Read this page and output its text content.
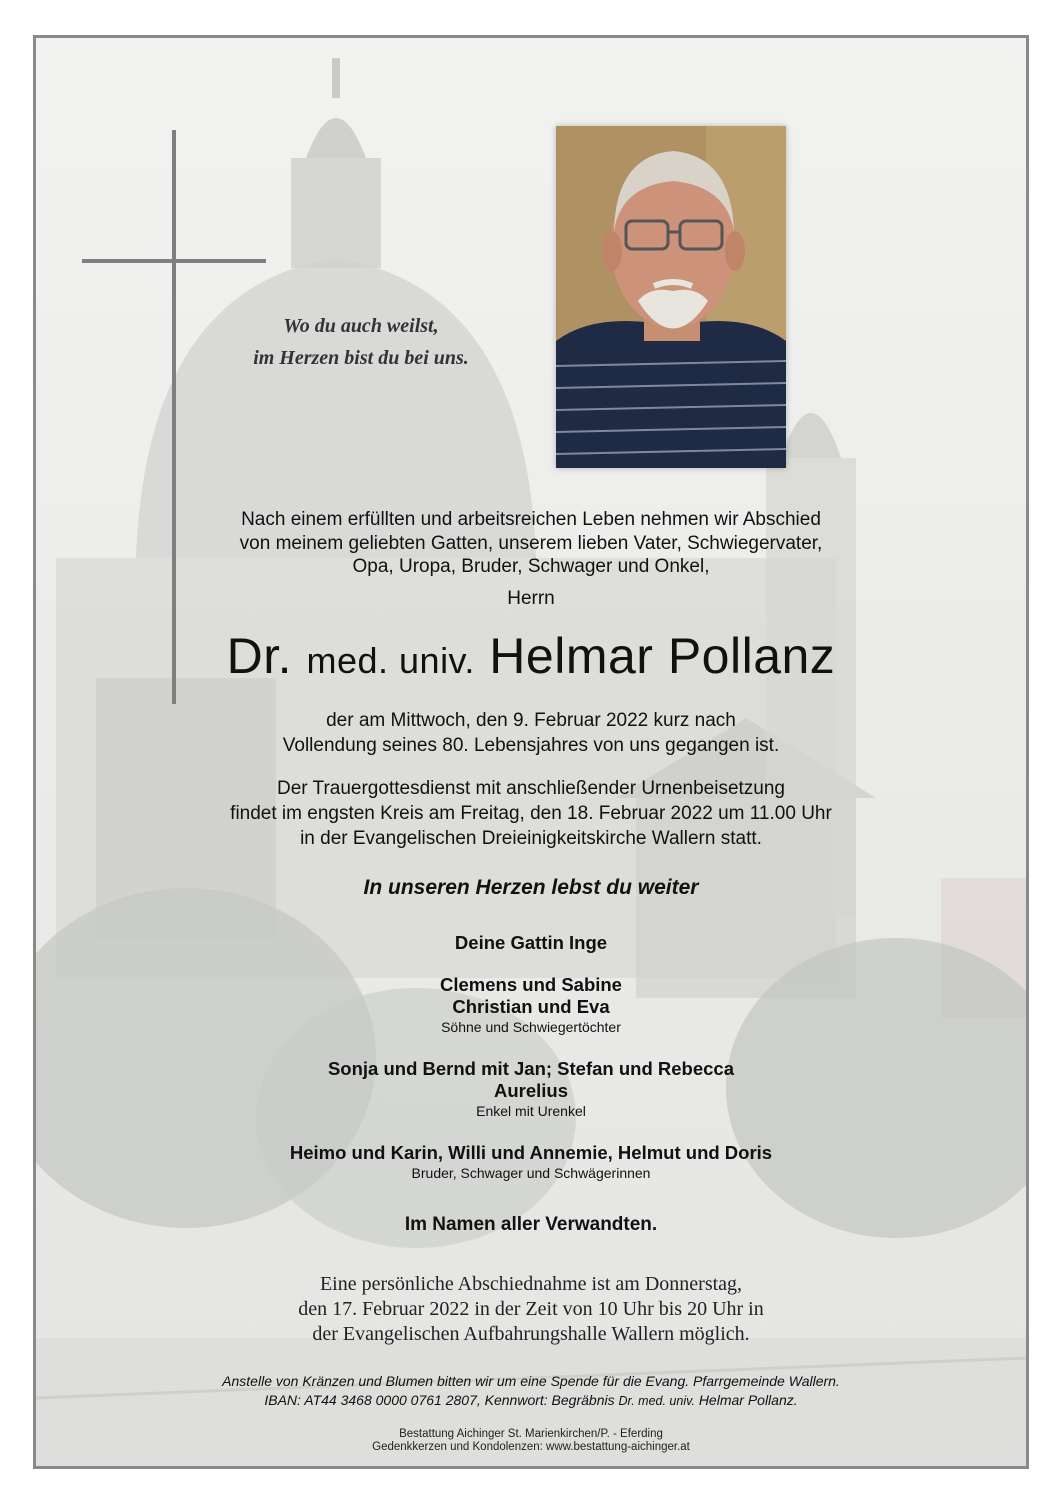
Wo du auch weilst,
im Herzen bist du bei uns.
Nach einem erfüllten und arbeitsreichen Leben nehmen wir Abschied
von meinem geliebten Gatten, unserem lieben Vater, Schwiegervater,
Opa, Uropa, Bruder, Schwager und Onkel,
Herrn
Dr. med. univ. Helmar Pollanz
der am Mittwoch, den 9. Februar 2022 kurz nach
Vollendung seines 80. Lebensjahres von uns gegangen ist.
Der Trauergottesdienst mit anschließender Urnenbeisetzung
findet im engsten Kreis am Freitag, den 18. Februar 2022 um 11.00 Uhr
in der Evangelischen Dreieinigkeitskirche Wallern statt.
In unseren Herzen lebst du weiter
Deine Gattin Inge
Clemens und Sabine
Christian und Eva
Söhne und Schwiegertöchter
Sonja und Bernd mit Jan; Stefan und Rebecca
Aurelius
Enkel mit Urenkel
Heimo und Karin, Willi und Annemie, Helmut und Doris
Bruder, Schwager und Schwägerinnen
Im Namen aller Verwandten.
Eine persönliche Abschiednahme ist am Donnerstag,
den 17. Februar 2022 in der Zeit von 10 Uhr bis 20 Uhr in
der Evangelischen Aufbahrungshalle Wallern möglich.
Anstelle von Kränzen und Blumen bitten wir um eine Spende für die Evang. Pfarrgemeinde Wallern.
IBAN: AT44 3468 0000 0761 2807, Kennwort: Begräbnis Dr. med. univ. Helmar Pollanz.
Bestattung Aichinger St. Marienkirchen/P. - Eferding
Gedenkkerzen und Kondolenzen: www.bestattung-aichinger.at
